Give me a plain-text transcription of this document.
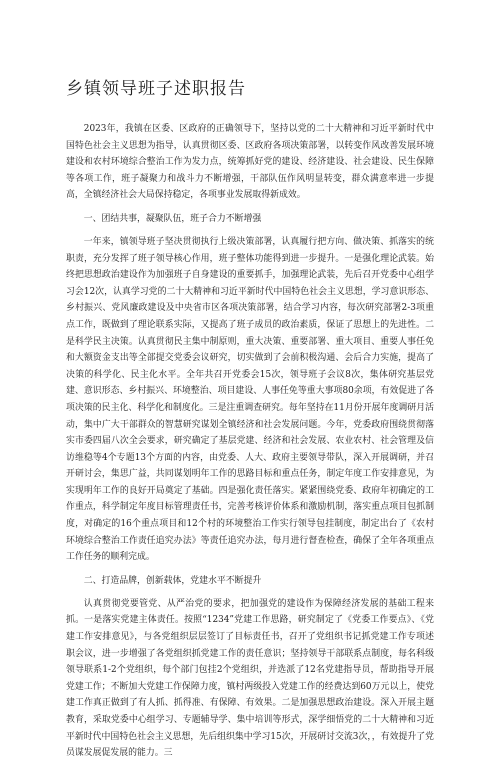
乡镇领导班子述职报告

2023年，我镇在区委、区政府的正确领导下，坚持以党的二十大精神和习近平新时代中国特色社会主义思想为指导，认真贯彻区委、区政府各项决策部署，以转变作风改善发展环境建设和农村环境综合整治工作为发力点，统筹抓好党的建设、经济建设、社会建设、民生保障等各项工作，班子凝聚力和战斗力不断增强，干部队伍作风明显转变，群众满意率进一步提高，全镇经济社会大局保持稳定，各项事业发展取得新成效。

一、团结共事，凝聚队伍，班子合力不断增强

一年来，镇领导班子坚决贯彻执行上级决策部署，认真履行把方向、做决策、抓落实的统职责，充分发挥了班子领导核心作用，班子整体功能得到进一步提升。一是强化理论武装。始终把思想政治建设作为加强班子自身建设的重要抓手，加强理论武装，先后召开党委中心组学习会12次，认真学习党的二十大精神和习近平新时代中国特色社会主义思想，学习意识形态、乡村振兴、党风廉政建设及中央省市区各项决策部署，结合学习内容，每次研究部署2-3项重点工作，既做到了理论联系实际，又提高了班子成员的政治素质，保证了思想上的先进性。二是科学民主决策。认真贯彻民主集中制原则，重大决策、重要部署、重大项目、重要人事任免和大额资金支出等全部提交党委会议研究，切实做到了会前积极沟通、会后合力实施，提高了决策的科学化、民主化水平。全年共召开党委会15次，领导班子会议8次，集体研究基层党建、意识形态、乡村振兴、环境整治、项目建设、人事任免等重大事项80余项，有效促进了各项决策的民主化、科学化和制度化。三是注重调查研究。每年坚持在11月份开展年度调研月活动，集中广大干部群众的智慧研究谋划全镇经济和社会发展问题。今年，党委政府围绕贯彻落实市委四届八次全会要求，研究确定了基层党建、经济和社会发展、农业农村、社会管理及信访维稳等4个专题13个方面的内容，由党委、人大、政府主要领导带队，深入开展调研，并召开研讨会，集思广益，共同谋划明年工作的思路目标和重点任务，制定年度工作安排意见，为实现明年工作的良好开局奠定了基础。四是强化责任落实。紧紧围绕党委、政府年初确定的工作重点，科学制定年度目标管理责任书，完善考核评价体系和激励机制，落实重点项目包抓制度，对确定的16个重点项目和12个村的环境整治工作实行领导包挂制度，制定出台了《农村环境综合整治工作责任追究办法》等责任追究办法，每月进行督查检查，确保了全年各项重点工作任务的顺利完成。

二、打造品牌，创新载体，党建水平不断提升

认真贯彻党要管党、从严治党的要求，把加强党的建设作为保障经济发展的基础工程来抓。一是落实党建主体责任。按照“1234”党建工作思路，研究制定了《党委工作要点》、《党建工作安排意见》，与各党组织层层签订了目标责任书，召开了党组织书记抓党建工作专项述职会议，进一步增强了各党组织抓党建工作的责任意识；坚持领导干部联系点制度，每名科级领导联系1-2个党组织，每个部门包挂2个党组织，并选派了12名党建指导员，帮助指导开展党建工作；不断加大党建工作保障力度，镇村两级投入党建工作的经费达到60万元以上，使党建工作真正做到了有人抓、抓得准、有保障、有效果。二是加强思想政治建设。深入开展主题教育，采取党委中心组学习、专题辅导学、集中培训等形式，深学细悟党的二十大精神和习近平新时代中国特色社会主义思想，先后组织集中学习15次，开展研讨交流3次，，有效提升了党员谋发展促发展的能力。三
